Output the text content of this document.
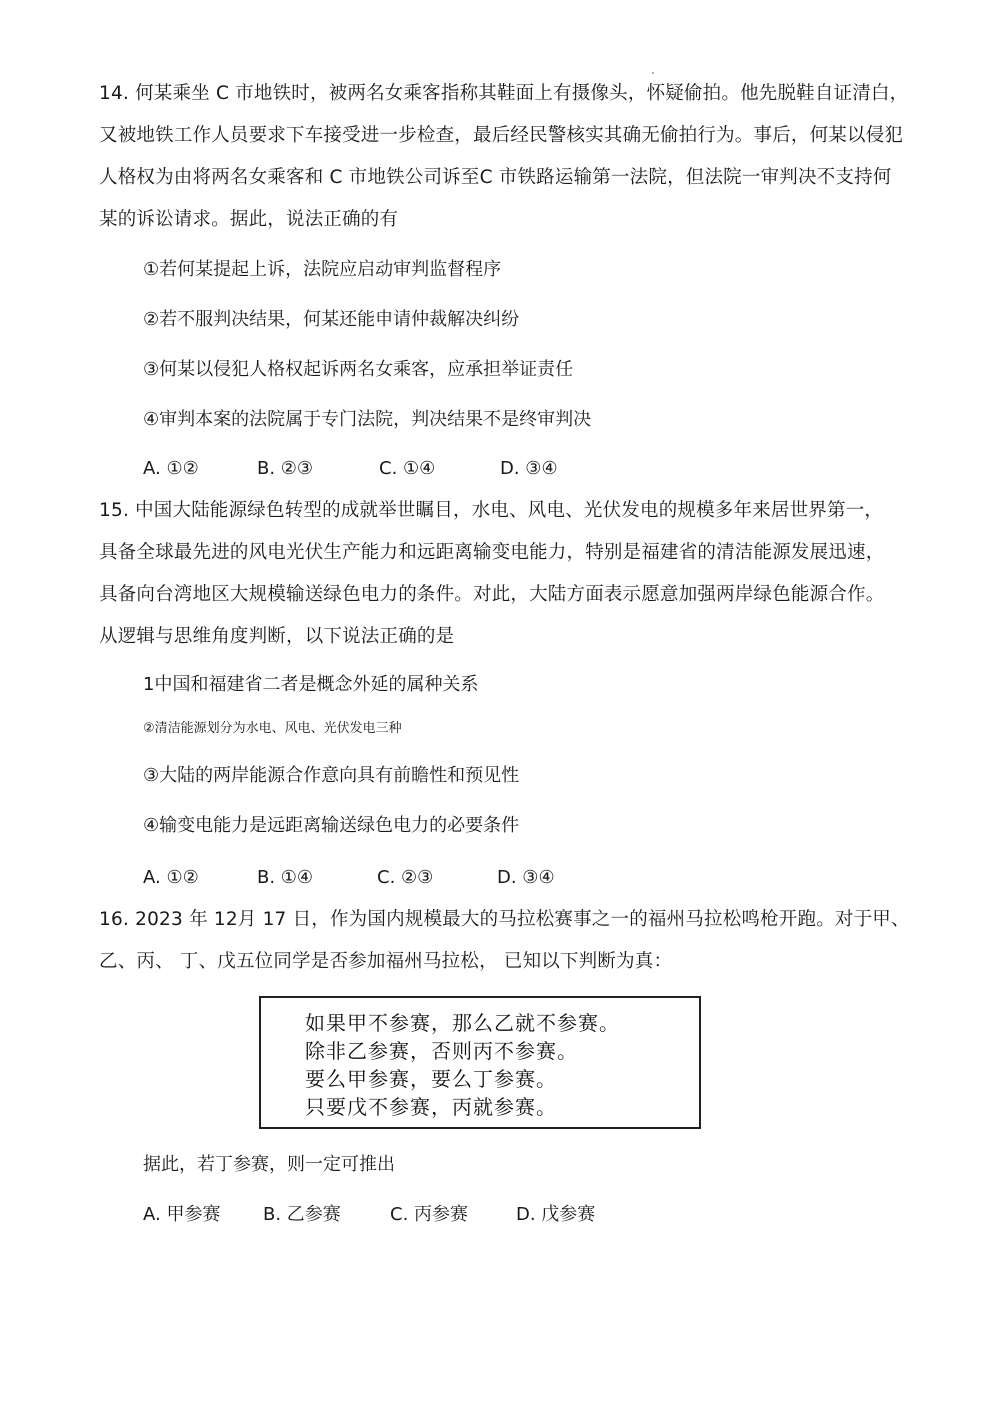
14. 何某乘坐 C 市地铁时，被两名女乘客指称其鞋面上有摄像头，怀疑偷拍。他先脱鞋自证清白，
又被地铁工作人员要求下车接受进一步检查，最后经民警核实其确无偷拍行为。事后，何某以侵犯
人格权为由将两名女乘客和 C 市地铁公司诉至C 市铁路运输第一法院，但法院一审判决不支持何
某的诉讼请求。据此，说法正确的有
①若何某提起上诉，法院应启动审判监督程序
②若不服判决结果，何某还能申请仲裁解决纠纷
③何某以侵犯人格权起诉两名女乘客，应承担举证责任
④审判本案的法院属于专门法院，判决结果不是终审判决
A. ①②	B. ②③	C. ①④	D. ③④
15. 中国大陆能源绿色转型的成就举世瞩目，水电、风电、光伏发电的规模多年来居世界第一，
具备全球最先进的风电光伏生产能力和远距离输变电能力，特别是福建省的清洁能源发展迅速，
具备向台湾地区大规模输送绿色电力的条件。对此，大陆方面表示愿意加强两岸绿色能源合作。
从逻辑与思维角度判断，以下说法正确的是
1中国和福建省二者是概念外延的属种关系
②清洁能源划分为水电、风电、光伏发电三种
③大陆的两岸能源合作意向具有前瞻性和预见性
④输变电能力是远距离输送绿色电力的必要条件
A. ①②	B. ①④	C. ②③	D. ③④
16. 2023 年 12月 17 日，作为国内规模最大的马拉松赛事之一的福州马拉松鸣枪开跑。对于甲、
乙、丙、 丁、戊五位同学是否参加福州马拉松， 已知以下判断为真：
如果甲不参赛，那么乙就不参赛。
除非乙参赛，否则丙不参赛。
要么甲参赛，要么丁参赛。
只要戊不参赛，丙就参赛。
据此，若丁参赛，则一定可推出
A. 甲参赛 B. 乙参赛	C. 丙参赛	D. 戊参赛
